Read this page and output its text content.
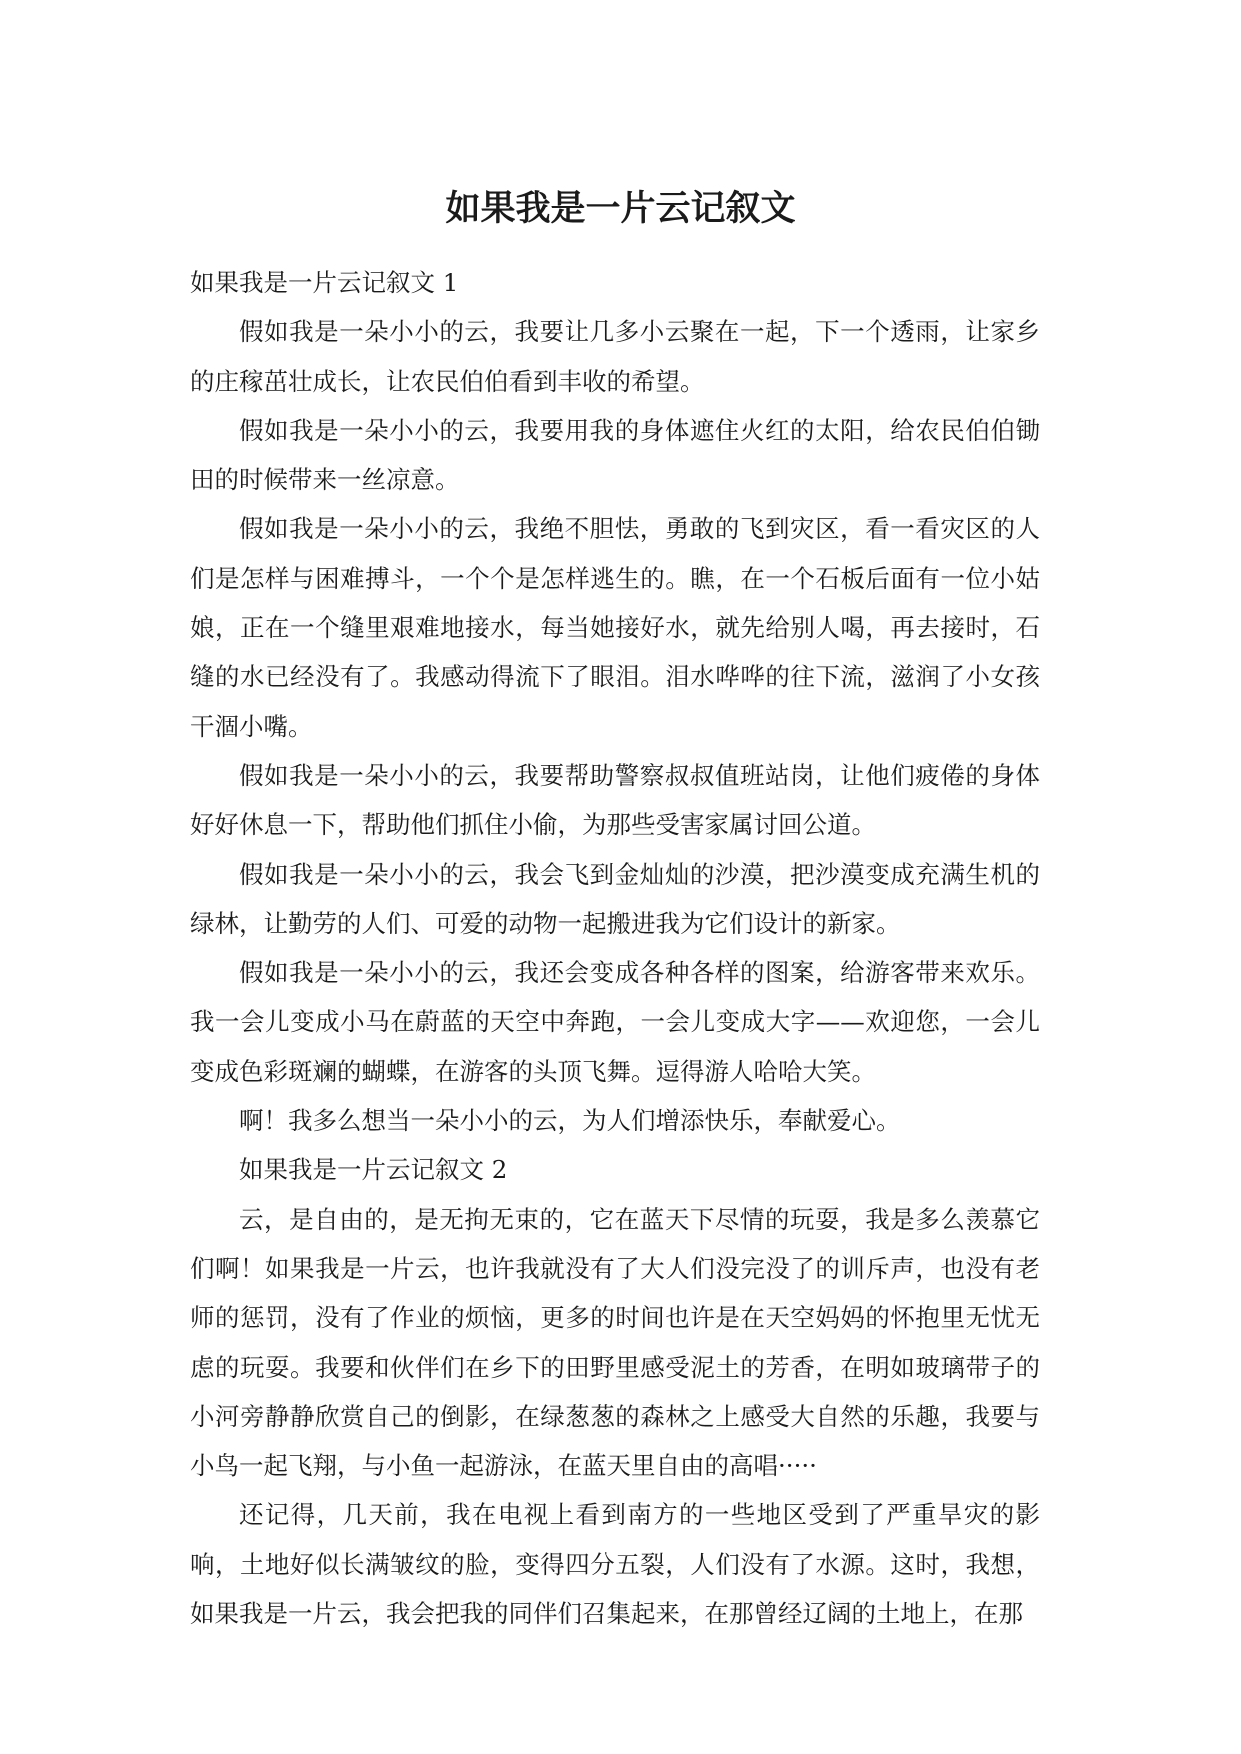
如果我是一片云记叙文

如果我是一片云记叙文 1

假如我是一朵小小的云，我要让几多小云聚在一起，下一个透雨，让家乡的庄稼茁壮成长，让农民伯伯看到丰收的希望。

假如我是一朵小小的云，我要用我的身体遮住火红的太阳，给农民伯伯锄田的时候带来一丝凉意。

假如我是一朵小小的云，我绝不胆怯，勇敢的飞到灾区，看一看灾区的人们是怎样与困难搏斗，一个个是怎样逃生的。瞧，在一个石板后面有一位小姑娘，正在一个缝里艰难地接水，每当她接好水，就先给别人喝，再去接时，石缝的水已经没有了。我感动得流下了眼泪。泪水哗哗的往下流，滋润了小女孩干涸小嘴。

假如我是一朵小小的云，我要帮助警察叔叔值班站岗，让他们疲倦的身体好好休息一下，帮助他们抓住小偷，为那些受害家属讨回公道。

假如我是一朵小小的云，我会飞到金灿灿的沙漠，把沙漠变成充满生机的绿林，让勤劳的人们、可爱的动物一起搬进我为它们设计的新家。

假如我是一朵小小的云，我还会变成各种各样的图案，给游客带来欢乐。我一会儿变成小马在蔚蓝的天空中奔跑，一会儿变成大字——欢迎您，一会儿变成色彩斑斓的蝴蝶，在游客的头顶飞舞。逗得游人哈哈大笑。

啊！我多么想当一朵小小的云，为人们增添快乐，奉献爱心。

如果我是一片云记叙文 2

云，是自由的，是无拘无束的，它在蓝天下尽情的玩耍，我是多么羡慕它们啊！如果我是一片云，也许我就没有了大人们没完没了的训斥声，也没有老师的惩罚，没有了作业的烦恼，更多的时间也许是在天空妈妈的怀抱里无忧无虑的玩耍。我要和伙伴们在乡下的田野里感受泥土的芳香，在明如玻璃带子的小河旁静静欣赏自己的倒影，在绿葱葱的森林之上感受大自然的乐趣，我要与小鸟一起飞翔，与小鱼一起游泳，在蓝天里自由的高唱·····

还记得，几天前，我在电视上看到南方的一些地区受到了严重旱灾的影响，土地好似长满皱纹的脸，变得四分五裂，人们没有了水源。这时，我想，如果我是一片云，我会把我的同伴们召集起来，在那曾经辽阔的土地上，在那
